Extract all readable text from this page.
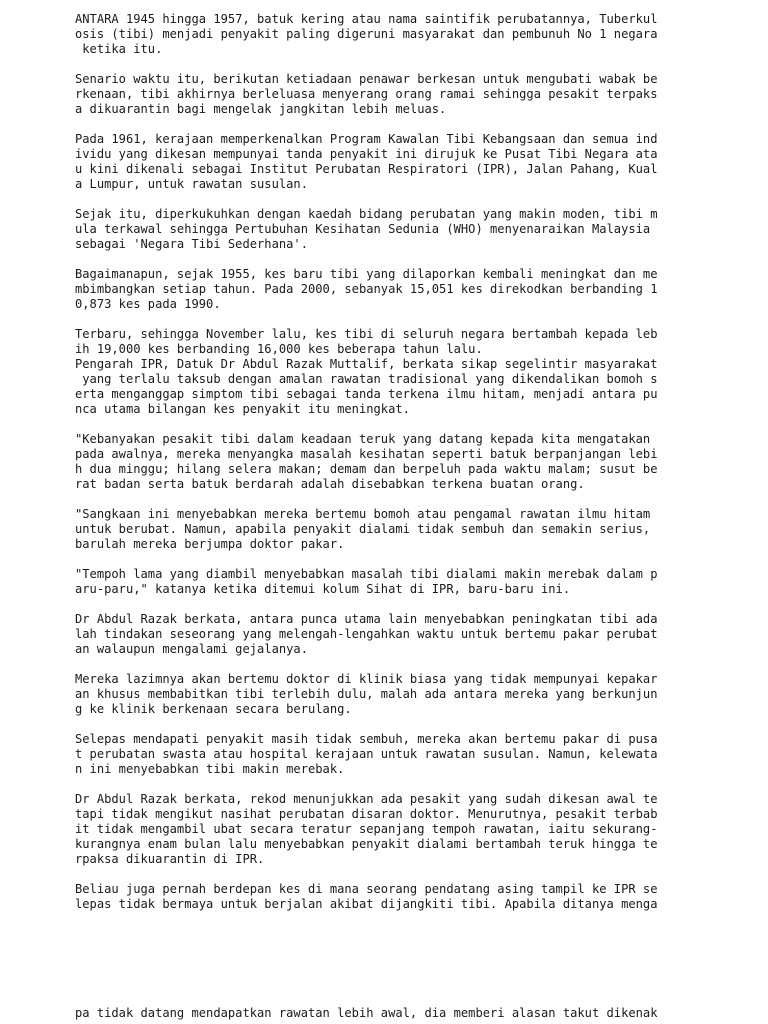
ANTARA 1945 hingga 1957, batuk kering atau nama saintifik perubatannya, Tuberkul
osis (tibi) menjadi penyakit paling digeruni masyarakat dan pembunuh No 1 negara
ketika itu.

Senario waktu itu, berikutan ketiadaan penawar berkesan untuk mengubati wabak be
rkenaan, tibi akhirnya berleluasa menyerang orang ramai sehingga pesakit terpaks
a dikuarantin bagi mengelak jangkitan lebih meluas.

Pada 1961, kerajaan memperkenalkan Program Kawalan Tibi Kebangsaan dan semua ind
ividu yang dikesan mempunyai tanda penyakit ini dirujuk ke Pusat Tibi Negara ata
u kini dikenali sebagai Institut Perubatan Respiratori (IPR), Jalan Pahang, Kual
a Lumpur, untuk rawatan susulan.

Sejak itu, diperkukuhkan dengan kaedah bidang perubatan yang makin moden, tibi m
ula terkawal sehingga Pertubuhan Kesihatan Sedunia (WHO) menyenaraikan Malaysia
sebagai 'Negara Tibi Sederhana'.

Bagaimanapun, sejak 1955, kes baru tibi yang dilaporkan kembali meningkat dan me
mbimbangkan setiap tahun. Pada 2000, sebanyak 15,051 kes direkodkan berbanding 1
0,873 kes pada 1990.

Terbaru, sehingga November lalu, kes tibi di seluruh negara bertambah kepada leb
ih 19,000 kes berbanding 16,000 kes beberapa tahun lalu.
Pengarah IPR, Datuk Dr Abdul Razak Muttalif, berkata sikap segelintir masyarakat
yang terlalu taksub dengan amalan rawatan tradisional yang dikendalikan bomoh s
erta menganggap simptom tibi sebagai tanda terkena ilmu hitam, menjadi antara pu
nca utama bilangan kes penyakit itu meningkat.

"Kebanyakan pesakit tibi dalam keadaan teruk yang datang kepada kita mengatakan
pada awalnya, mereka menyangka masalah kesihatan seperti batuk berpanjangan lebi
h dua minggu; hilang selera makan; demam dan berpeluh pada waktu malam; susut be
rat badan serta batuk berdarah adalah disebabkan terkena buatan orang.

"Sangkaan ini menyebabkan mereka bertemu bomoh atau pengamal rawatan ilmu hitam
untuk berubat. Namun, apabila penyakit dialami tidak sembuh dan semakin serius,
barulah mereka berjumpa doktor pakar.

"Tempoh lama yang diambil menyebabkan masalah tibi dialami makin merebak dalam p
aru-paru," katanya ketika ditemui kolum Sihat di IPR, baru-baru ini.

Dr Abdul Razak berkata, antara punca utama lain menyebabkan peningkatan tibi ada
lah tindakan seseorang yang melengah-lengahkan waktu untuk bertemu pakar perubat
an walaupun mengalami gejalanya.

Mereka lazimnya akan bertemu doktor di klinik biasa yang tidak mempunyai kepakar
an khusus membabitkan tibi terlebih dulu, malah ada antara mereka yang berkunjun
g ke klinik berkenaan secara berulang.

Selepas mendapati penyakit masih tidak sembuh, mereka akan bertemu pakar di pusa
t perubatan swasta atau hospital kerajaan untuk rawatan susulan. Namun, kelewata
n ini menyebabkan tibi makin merebak.

Dr Abdul Razak berkata, rekod menunjukkan ada pesakit yang sudah dikesan awal te
tapi tidak mengikut nasihat perubatan disaran doktor. Menurutnya, pesakit terbab
it tidak mengambil ubat secara teratur sepanjang tempoh rawatan, iaitu sekurang-
kurangnya enam bulan lalu menyebabkan penyakit dialami bertambah teruk hingga te
rpaksa dikuarantin di IPR.

Beliau juga pernah berdepan kes di mana seorang pendatang asing tampil ke IPR se
lepas tidak bermaya untuk berjalan akibat dijangkiti tibi. Apabila ditanya menga

pa tidak datang mendapatkan rawatan lebih awal, dia memberi alasan takut dikenak
